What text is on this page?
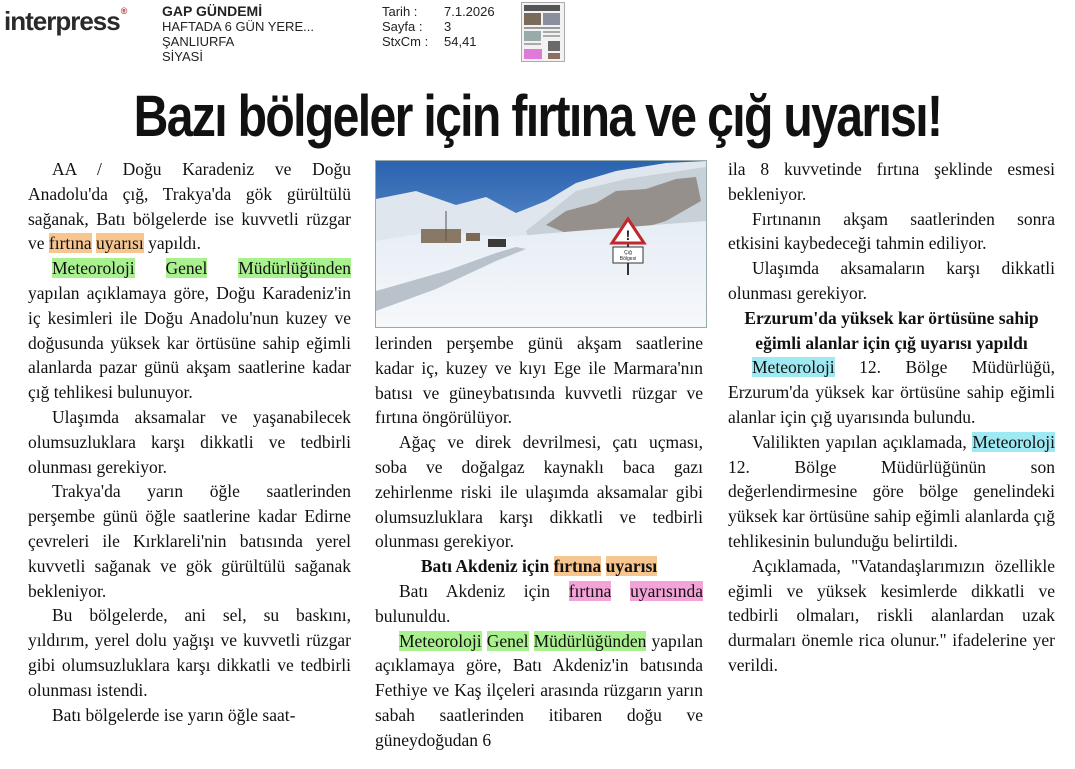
interpress®	GAP GÜNDEMİ
HAFTADA 6 GÜN YERE...
ŞANLIURFA
SİYASİ
Tarih :	7.1.2026
Sayfa :	3
StxCm :	54,41
Bazı bölgeler için fırtına ve çığ uyarısı!

AA / Doğu Karadeniz ve Doğu Anadolu'da çığ, Trakya'da gök gürültülü sağanak, Batı bölgelerde ise kuvvetli rüzgar ve fırtına uyarısı yapıldı.

Meteoroloji Genel Müdürlüğünden yapılan açıklamaya göre, Doğu Karadeniz'in iç kesimleri ile Doğu Anadolu'nun kuzey ve doğusunda yüksek kar örtüsüne sahip eğimli alanlarda pazar günü akşam saatlerine kadar çığ tehlikesi bulunuyor.

Ulaşımda aksamalar ve yaşanabilecek olumsuzluklara karşı dikkatli ve tedbirli olunması gerekiyor.

Trakya'da yarın öğle saatlerinden perşembe günü öğle saatlerine kadar Edirne çevreleri ile Kırklareli'nin batısında yerel kuvvetli sağanak ve gök gürültülü sağanak bekleniyor.

Bu bölgelerde, ani sel, su baskını, yıldırım, yerel dolu yağışı ve kuvvetli rüzgar gibi olumsuzluklara karşı dikkatli ve tedbirli olunması istendi.

Batı bölgelerde ise yarın öğle saat-

!
Çığ
Bölgesi

lerinden perşembe günü akşam saatlerine kadar iç, kuzey ve kıyı Ege ile Marmara'nın batısı ve güneybatısında kuvvetli rüzgar ve fırtına öngörülüyor.

Ağaç ve direk devrilmesi, çatı uçması, soba ve doğalgaz kaynaklı baca gazı zehirlenme riski ile ulaşımda aksamalar gibi olumsuzluklara karşı dikkatli ve tedbirli olunması gerekiyor.

Batı Akdeniz için fırtına uyarısı

Batı Akdeniz için fırtına uyarısında bulunuldu.

Meteoroloji Genel Müdürlüğünden yapılan açıklamaya göre, Batı Akdeniz'in batısında Fethiye ve Kaş ilçeleri arasında rüzgarın yarın sabah saatlerinden itibaren doğu ve güneydoğudan 6

ila 8 kuvvetinde fırtına şeklinde esmesi bekleniyor.

Fırtınanın akşam saatlerinden sonra etkisini kaybedeceği tahmin ediliyor.

Ulaşımda aksamaların karşı dikkatli olunması gerekiyor.

Erzurum'da yüksek kar örtüsüne sahip eğimli alanlar için çığ uyarısı yapıldı

Meteoroloji 12. Bölge Müdürlüğü, Erzurum'da yüksek kar örtüsüne sahip eğimli alanlar için çığ uyarısında bulundu.

Valilikten yapılan açıklamada, Meteoroloji 12. Bölge Müdürlüğünün son değerlendirmesine göre bölge genelindeki yüksek kar örtüsüne sahip eğimli alanlarda çığ tehlikesinin bulunduğu belirtildi.

Açıklamada, "Vatandaşlarımızın özellikle eğimli ve yüksek kesimlerde dikkatli ve tedbirli olmaları, riskli alanlardan uzak durmaları önemle rica olunur." ifadelerine yer verildi.
